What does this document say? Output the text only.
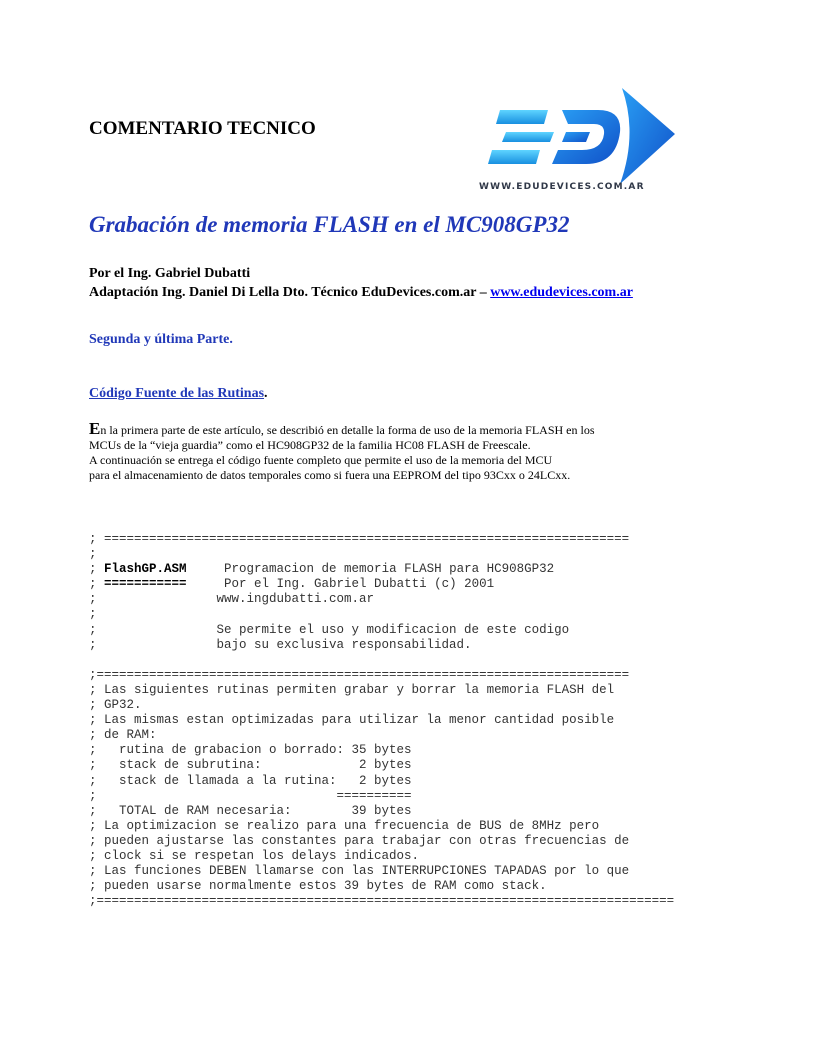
COMENTARIO TECNICO
WWW.EDUDEVICES.COM.AR
Grabación de memoria FLASH en el MC908GP32
Por el Ing. Gabriel Dubatti
Adaptación Ing. Daniel Di Lella Dto. Técnico EduDevices.com.ar – www.edudevices.com.ar
Segunda y última Parte.
Código Fuente de las Rutinas.
En la primera parte de este artículo, se describió en detalle la forma de uso de la memoria FLASH en los
MCUs de la “vieja guardia” como el HC908GP32 de la familia HC08 FLASH de Freescale.
A continuación se entrega el código fuente completo que permite el uso de la memoria del MCU
para el almacenamiento de datos temporales como si fuera una EEPROM del tipo 93Cxx o 24LCxx.
; ======================================================================
;
; FlashGP.ASM     Programacion de memoria FLASH para HC908GP32
; ===========     Por el Ing. Gabriel Dubatti (c) 2001
;                www.ingdubatti.com.ar
;
;                Se permite el uso y modificacion de este codigo
;                bajo su exclusiva responsabilidad.
;=======================================================================
; Las siguientes rutinas permiten grabar y borrar la memoria FLASH del
; GP32.
; Las mismas estan optimizadas para utilizar la menor cantidad posible
; de RAM:
;   rutina de grabacion o borrado: 35 bytes
;   stack de subrutina:             2 bytes
;   stack de llamada a la rutina:   2 bytes
;                                ==========
;   TOTAL de RAM necesaria:        39 bytes
; La optimizacion se realizo para una frecuencia de BUS de 8MHz pero
; pueden ajustarse las constantes para trabajar con otras frecuencias de
; clock si se respetan los delays indicados.
; Las funciones DEBEN llamarse con las INTERRUPCIONES TAPADAS por lo que
; pueden usarse normalmente estos 39 bytes de RAM como stack.
;=============================================================================
